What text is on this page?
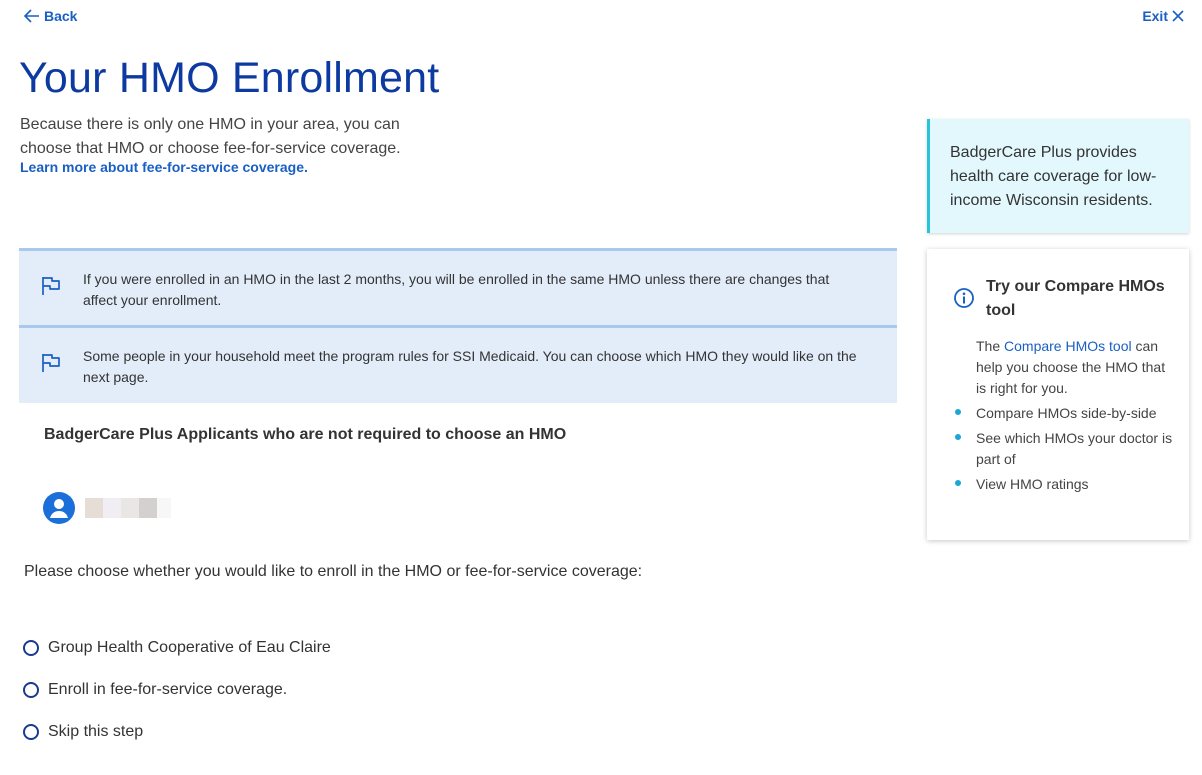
Back	Exit
Your HMO Enrollment

Because there is only one HMO in your area, you can choose that HMO or choose fee-for-service coverage.

Learn more about fee-for-service coverage.
If you were enrolled in an HMO in the last 2 months, you will be enrolled in the same HMO unless there are changes that affect your enrollment.
Some people in your household meet the program rules for SSI Medicaid. You can choose which HMO they would like on the next page.
BadgerCare Plus Applicants who are not required to choose an HMO

Please choose whether you would like to enroll in the HMO or fee-for-service coverage:

Group Health Cooperative of Eau Claire
Enroll in fee-for-service coverage.
Skip this step
BadgerCare Plus provides health care coverage for low-income Wisconsin residents.
Try our Compare HMOs tool
The Compare HMOs tool can help you choose the HMO that is right for you.
Compare HMOs side-by-side
See which HMOs your doctor is part of
View HMO ratings
